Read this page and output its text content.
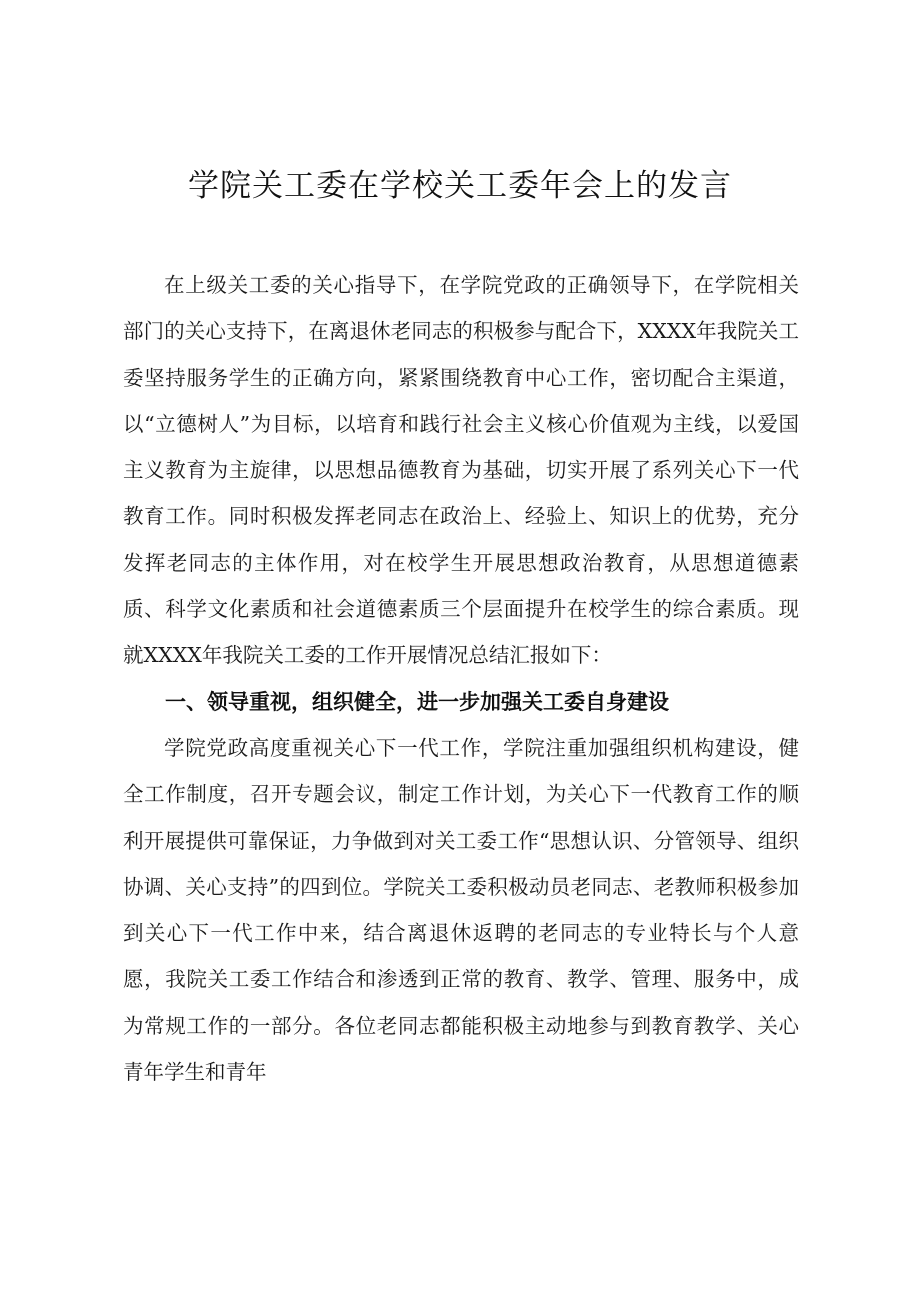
学院关工委在学校关工委年会上的发言

在上级关工委的关心指导下，在学院党政的正确领导下，在学院相关部门的关心支持下，在离退休老同志的积极参与配合下，XXXX年我院关工委坚持服务学生的正确方向，紧紧围绕教育中心工作，密切配合主渠道，以“立德树人”为目标，以培育和践行社会主义核心价值观为主线，以爱国主义教育为主旋律，以思想品德教育为基础，切实开展了系列关心下一代教育工作。同时积极发挥老同志在政治上、经验上、知识上的优势，充分发挥老同志的主体作用，对在校学生开展思想政治教育，从思想道德素质、科学文化素质和社会道德素质三个层面提升在校学生的综合素质。现就XXXX年我院关工委的工作开展情况总结汇报如下：

一、领导重视，组织健全，进一步加强关工委自身建设

学院党政高度重视关心下一代工作，学院注重加强组织机构建设，健全工作制度，召开专题会议，制定工作计划，为关心下一代教育工作的顺利开展提供可靠保证，力争做到对关工委工作“思想认识、分管领导、组织协调、关心支持”的四到位。学院关工委积极动员老同志、老教师积极参加到关心下一代工作中来，结合离退休返聘的老同志的专业特长与个人意愿，我院关工委工作结合和渗透到正常的教育、教学、管理、服务中，成为常规工作的一部分。各位老同志都能积极主动地参与到教育教学、关心青年学生和青年
